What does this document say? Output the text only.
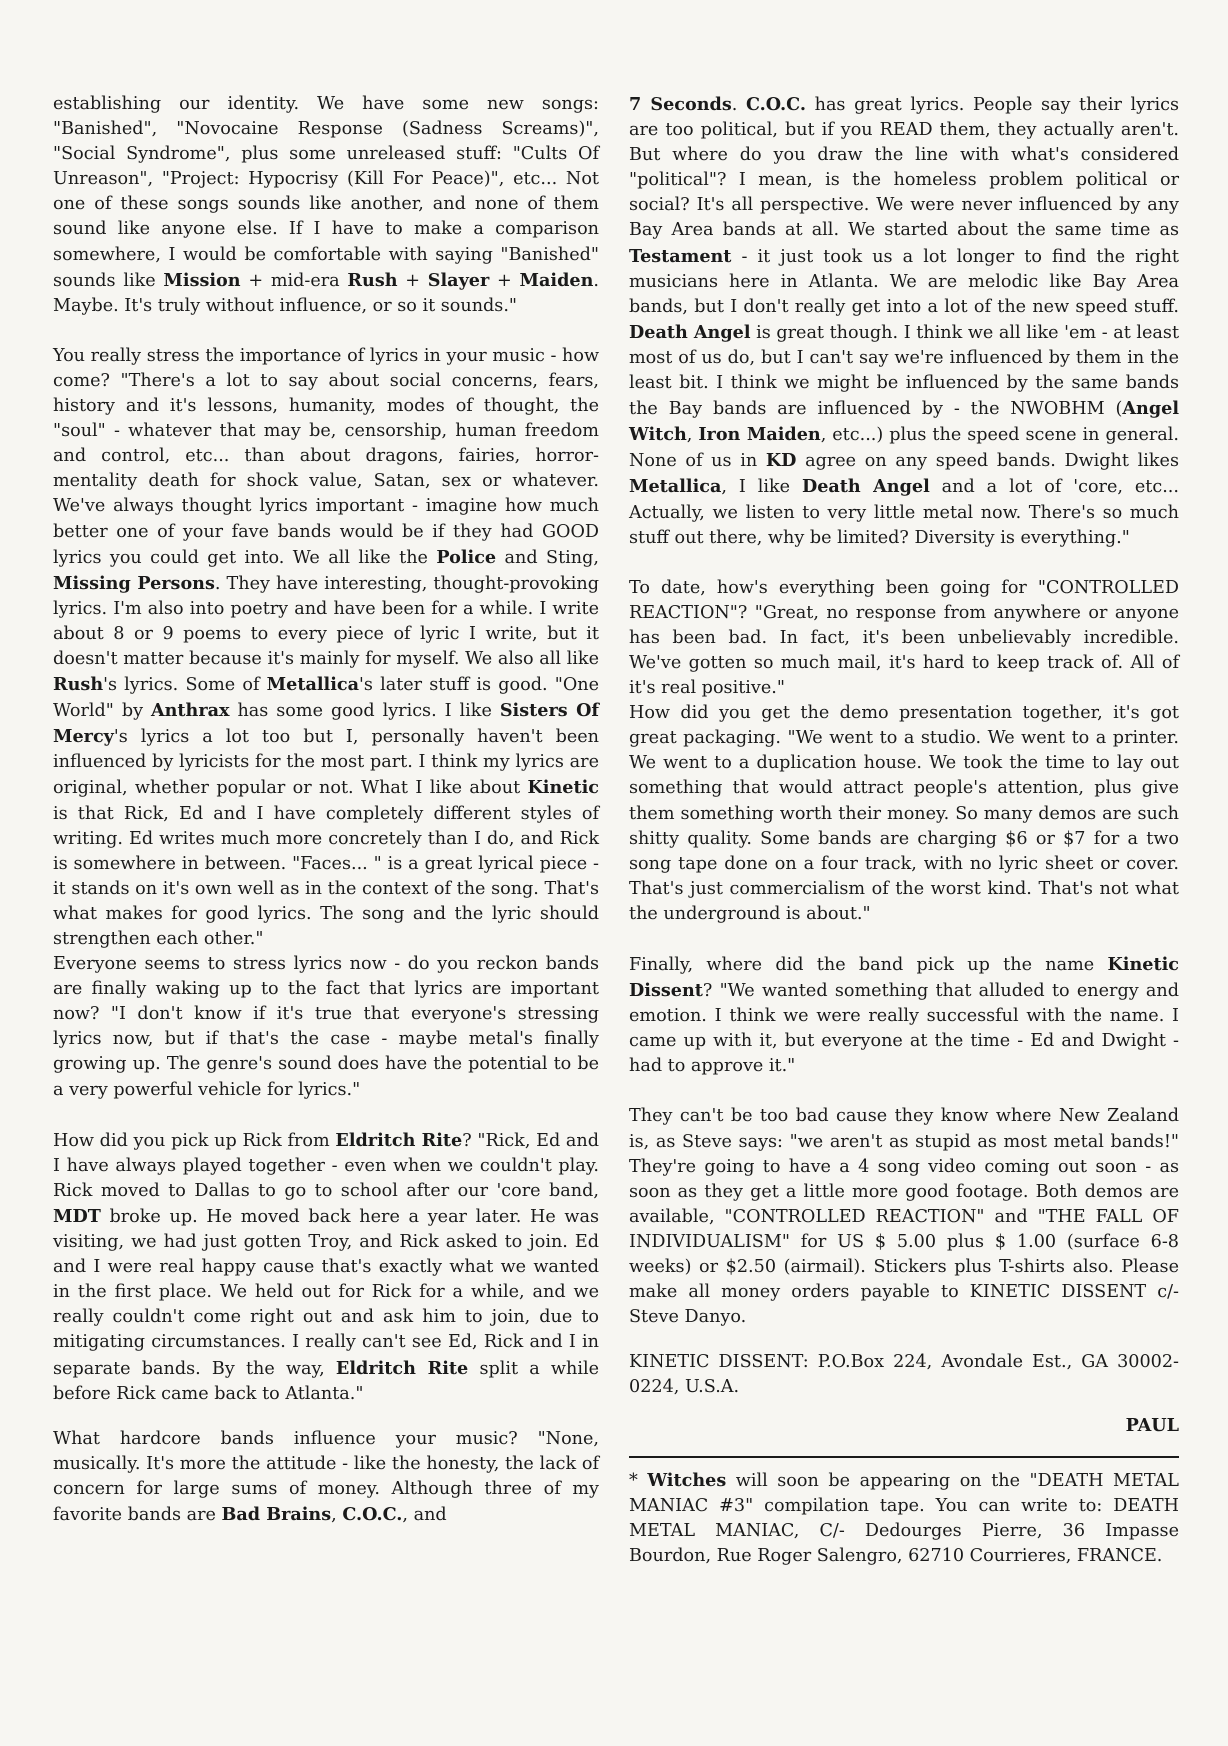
establishing our identity. We have some new songs: "Banished", "Novocaine Response (Sadness Screams)", "Social Syndrome", plus some unreleased stuff: "Cults Of Unreason", "Project: Hypocrisy (Kill For Peace)", etc... Not one of these songs sounds like another, and none of them sound like anyone else. If I have to make a comparison somewhere, I would be comfortable with saying "Banished" sounds like Mission + mid-era Rush + Slayer + Maiden. Maybe. It's truly without influence, or so it sounds."

You really stress the importance of lyrics in your music - how come? "There's a lot to say about social concerns, fears, history and it's lessons, humanity, modes of thought, the "soul" - whatever that may be, censorship, human freedom and control, etc... than about dragons, fairies, horror-mentality death for shock value, Satan, sex or whatever. We've always thought lyrics important - imagine how much better one of your fave bands would be if they had GOOD lyrics you could get into. We all like the Police and Sting, Missing Persons. They have interesting, thought-provoking lyrics. I'm also into poetry and have been for a while. I write about 8 or 9 poems to every piece of lyric I write, but it doesn't matter because it's mainly for myself. We also all like Rush's lyrics. Some of Metallica's later stuff is good. "One World" by Anthrax has some good lyrics. I like Sisters Of Mercy's lyrics a lot too but I, personally haven't been influenced by lyricists for the most part. I think my lyrics are original, whether popular or not. What I like about Kinetic is that Rick, Ed and I have completely different styles of writing. Ed writes much more concretely than I do, and Rick is somewhere in between. "Faces... " is a great lyrical piece - it stands on it's own well as in the context of the song. That's what makes for good lyrics. The song and the lyric should strengthen each other."

Everyone seems to stress lyrics now - do you reckon bands are finally waking up to the fact that lyrics are important now? "I don't know if it's true that everyone's stressing lyrics now, but if that's the case - maybe metal's finally growing up. The genre's sound does have the potential to be a very powerful vehicle for lyrics."

How did you pick up Rick from Eldritch Rite? "Rick, Ed and I have always played together - even when we couldn't play. Rick moved to Dallas to go to school after our 'core band, MDT broke up. He moved back here a year later. He was visiting, we had just gotten Troy, and Rick asked to join. Ed and I were real happy cause that's exactly what we wanted in the first place. We held out for Rick for a while, and we really couldn't come right out and ask him to join, due to mitigating circumstances. I really can't see Ed, Rick and I in separate bands. By the way, Eldritch Rite split a while before Rick came back to Atlanta."

What hardcore bands influence your music? "None, musically. It's more the attitude - like the honesty, the lack of concern for large sums of money. Although three of my favorite bands are Bad Brains, C.O.C., and

7 Seconds. C.O.C. has great lyrics. People say their lyrics are too political, but if you READ them, they actually aren't. But where do you draw the line with what's considered "political"? I mean, is the homeless problem political or social? It's all perspective. We were never influenced by any Bay Area bands at all. We started about the same time as Testament - it just took us a lot longer to find the right musicians here in Atlanta. We are melodic like Bay Area bands, but I don't really get into a lot of the new speed stuff. Death Angel is great though. I think we all like 'em - at least most of us do, but I can't say we're influenced by them in the least bit. I think we might be influenced by the same bands the Bay bands are influenced by - the NWOBHM (Angel Witch, Iron Maiden, etc...) plus the speed scene in general. None of us in KD agree on any speed bands. Dwight likes Metallica, I like Death Angel and a lot of 'core, etc... Actually, we listen to very little metal now. There's so much stuff out there, why be limited? Diversity is everything."

To date, how's everything been going for "CONTROLLED REACTION"? "Great, no response from anywhere or anyone has been bad. In fact, it's been unbelievably incredible. We've gotten so much mail, it's hard to keep track of. All of it's real positive."

How did you get the demo presentation together, it's got great packaging. "We went to a studio. We went to a printer. We went to a duplication house. We took the time to lay out something that would attract people's attention, plus give them something worth their money. So many demos are such shitty quality. Some bands are charging $6 or $7 for a two song tape done on a four track, with no lyric sheet or cover. That's just commercialism of the worst kind. That's not what the underground is about."

Finally, where did the band pick up the name Kinetic Dissent? "We wanted something that alluded to energy and emotion. I think we were really successful with the name. I came up with it, but everyone at the time - Ed and Dwight - had to approve it."

They can't be too bad cause they know where New Zealand is, as Steve says: "we aren't as stupid as most metal bands!" They're going to have a 4 song video coming out soon - as soon as they get a little more good footage. Both demos are available, "CONTROLLED REACTION" and "THE FALL OF INDIVIDUALISM" for US $ 5.00 plus $ 1.00 (surface 6-8 weeks) or $2.50 (airmail). Stickers plus T-shirts also. Please make all money orders payable to KINETIC DISSENT c/- Steve Danyo.

KINETIC DISSENT: P.O.Box 224, Avondale Est., GA 30002-0224, U.S.A.

PAUL

* Witches will soon be appearing on the "DEATH METAL MANIAC #3" compilation tape. You can write to: DEATH METAL MANIAC, C/- Dedourges Pierre, 36 Impasse Bourdon, Rue Roger Salengro, 62710 Courrieres, FRANCE.
